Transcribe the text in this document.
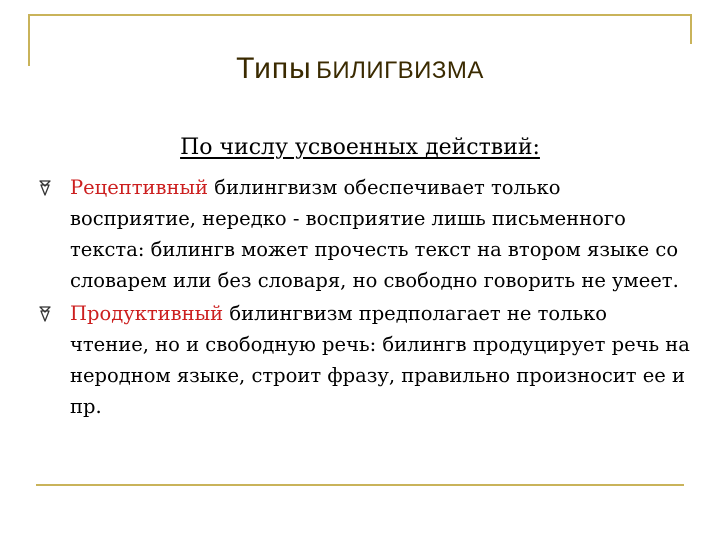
Типы БИЛИГВИЗМА
По числу усвоенных действий:
Рецептивный билингвизм обеспечивает только восприятие, нередко - восприятие лишь письменного текста: билингв может прочесть текст на втором языке со словарем или без словаря, но свободно говорить не умеет.
Продуктивный билингвизм предполагает не только чтение, но и свободную речь: билингв продуцирует речь на неродном языке, строит фразу, правильно произносит ее и пр.
